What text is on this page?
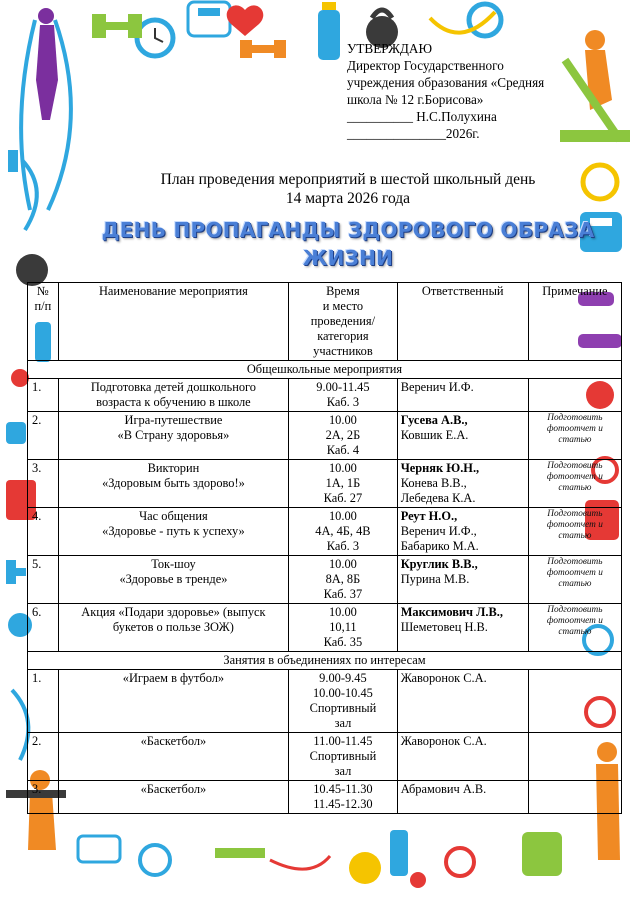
УТВЕРЖДАЮ
Директор Государственного
учреждения образования «Средняя
школа № 12 г.Борисова»
__________ Н.С.Полухина
_______________2026г.
План проведения мероприятий в шестой школьный день
14 марта 2026 года
ДЕНЬ ПРОПАГАНДЫ ЗДОРОВОГО ОБРАЗА
ЖИЗНИ
№ п/п	Наименование мероприятия	Время
и место
проведения/
категория
участников	Ответственный	Примечание
Общешкольные мероприятия				
1.	Подготовка детей дошкольного
возраста к обучению в школе	9.00-11.45
Каб. 3	Веренич И.Ф.	

2.	Игра-путешествие
«В Страну здоровья»	10.00
2А, 2Б
Каб. 4	Гусева А.В.,
Ковшик Е.А.	Подготовить фотоотчет и статью

3.	Викторин
«Здоровым быть здорово!»	10.00
1А, 1Б
Каб. 27	Черняк Ю.Н.,
Конева В.В.,
Лебедева К.А.	Подготовить фотоотчет и статью

4.	Час общения
«Здоровье - путь к успеху»	10.00
4А, 4Б, 4В
Каб. 3	Реут Н.О.,
Веренич И.Ф.,
Бабарико М.А.	Подготовить фотоотчет и статью

5.	Ток-шоу
«Здоровье в тренде»	10.00
8А, 8Б
Каб. 37	Круглик В.В.,
Пурина М.В.	Подготовить фотоотчет и статью

6.	Акция «Подари здоровье» (выпуск
букетов о пользе ЗОЖ)	10.00
10,11
Каб. 35	Максимович Л.В.,
Шеметовец Н.В.	Подготовить фотоотчет и статью

Занятия в объединениях по интересам				
1.	«Играем в футбол»	9.00-9.45
10.00-10.45
Спортивный
зал	Жаворонок С.А.	
2.	«Баскетбол»	11.00-11.45
Спортивный
зал	Жаворонок С.А.	
3.	«Баскетбол»	10.45-11.30
11.45-12.30	Абрамович А.В.	
